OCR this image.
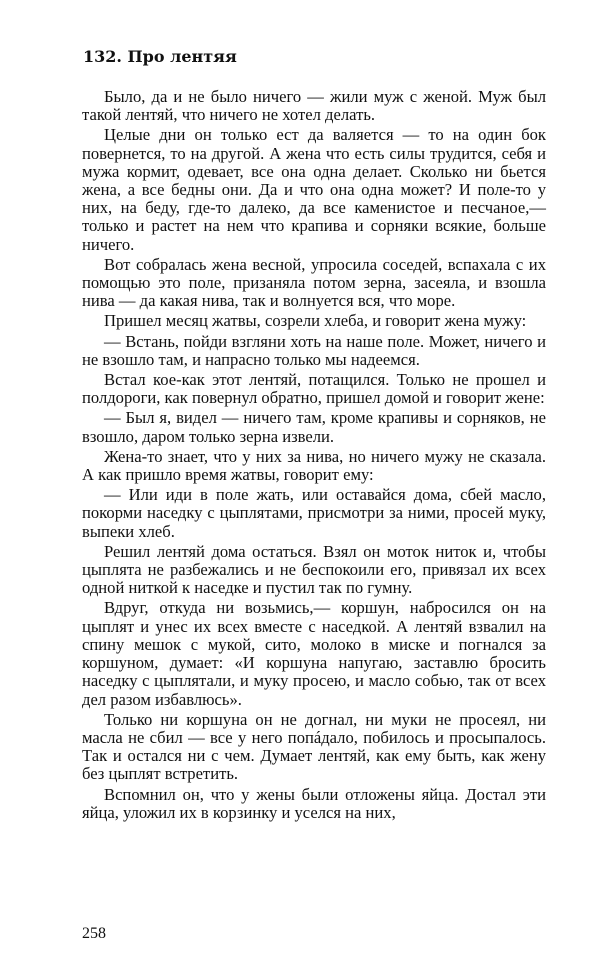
132. Про лентяя

Было, да и не было ничего — жили муж с женой. Муж был такой лентяй, что ничего не хотел делать.

Целые дни он только ест да валяется — то на один бок повернется, то на другой. А жена что есть силы трудится, себя и мужа кормит, одевает, все она одна делает. Сколько ни бьется жена, а все бедны они. Да и что она одна может? И поле-то у них, на беду, где-то далеко, да все каменистое и песчаное,— только и растет на нем что крапива и сорняки всякие, больше ничего.

Вот собралась жена весной, упросила соседей, вспахала с их помощью это поле, призаняла потом зерна, засеяла, и взошла нива — да какая нива, так и волнуется вся, что море.

Пришел месяц жатвы, созрели хлеба, и говорит жена мужу:

— Встань, пойди взгляни хоть на наше поле. Может, ничего и не взошло там, и напрасно только мы надеемся.

Встал кое-как этот лентяй, потащился. Только не прошел и полдороги, как повернул обратно, пришел домой и говорит жене:

— Был я, видел — ничего там, кроме крапивы и сорняков, не взошло, даром только зерна извели.

Жена-то знает, что у них за нива, но ничего мужу не сказала. А как пришло время жатвы, говорит ему:

— Или иди в поле жать, или оставайся дома, сбей масло, покорми наседку с цыплятами, присмотри за ними, просей муку, выпеки хлеб.

Решил лентяй дома остаться. Взял он моток ниток и, чтобы цыплята не разбежались и не беспокоили его, привязал их всех одной ниткой к наседке и пустил так по гумну.

Вдруг, откуда ни возьмись,— коршун, набросился он на цыплят и унес их всех вместе с наседкой. А лентяй взвалил на спину мешок с мукой, сито, молоко в миске и погнался за коршуном, думает: «И коршуна напугаю, заставлю бросить наседку с цыплятали, и муку просею, и масло собью, так от всех дел разом избавлюсь».

Только ни коршуна он не догнал, ни муки не просеял, ни масла не сбил — все у него попáдало, побилось и просыпалось. Так и остался ни с чем. Думает лентяй, как ему быть, как жену без цыплят встретить.

Вспомнил он, что у жены были отложены яйца. Достал эти яйца, уложил их в корзинку и уселся на них,

258
